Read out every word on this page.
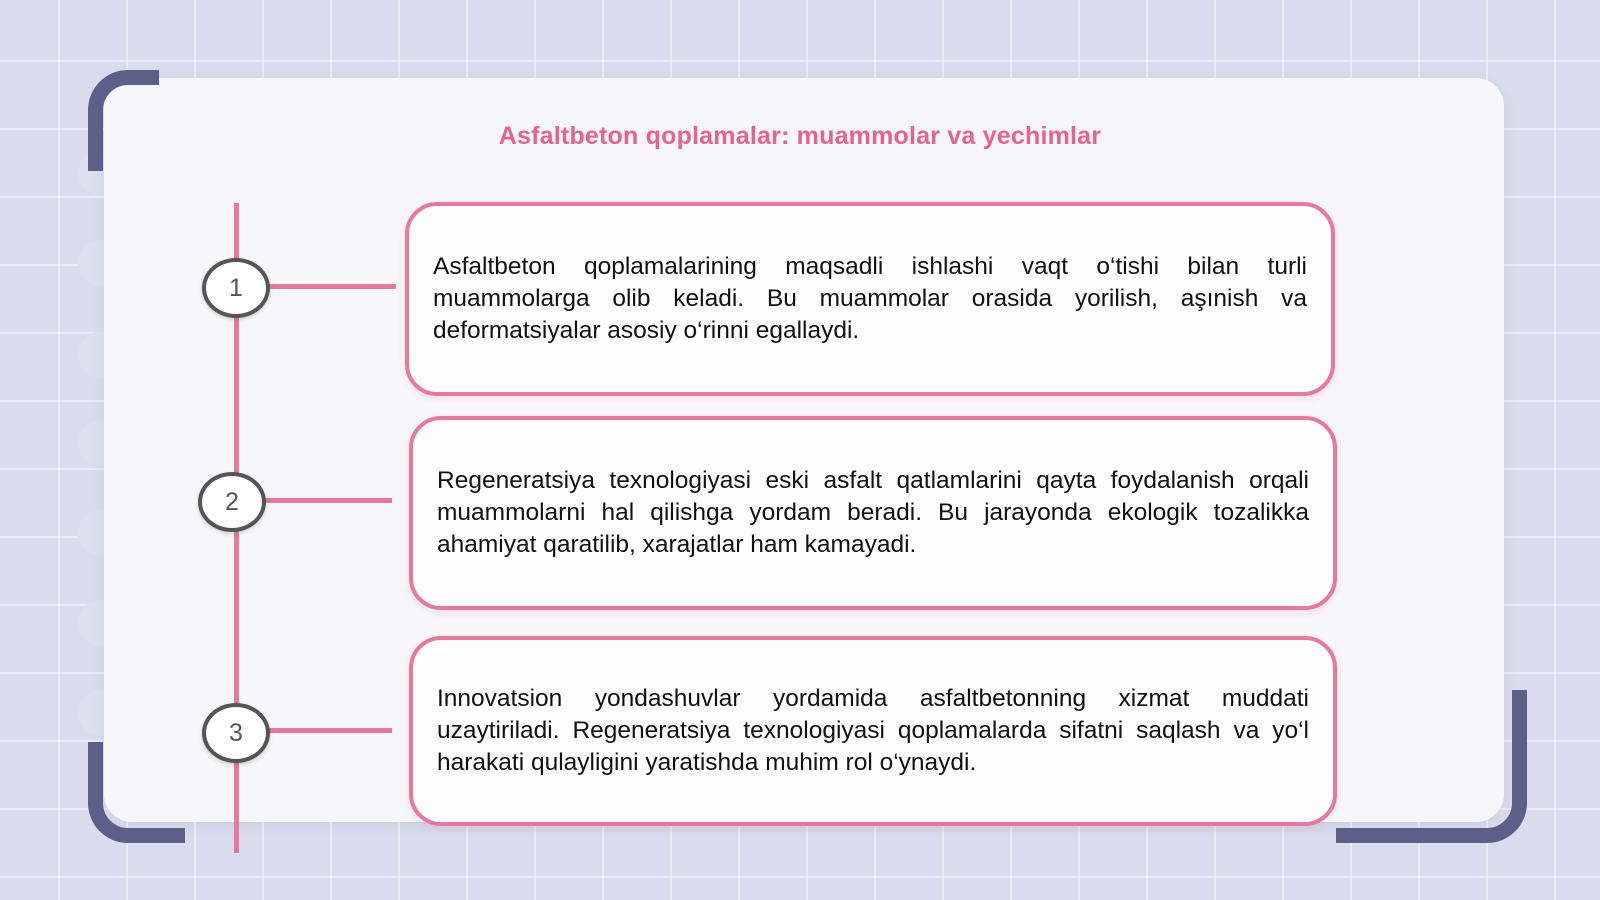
Asfaltbeton qoplamalar: muammolar va yechimlar
1

Asfaltbeton qoplamalarining maqsadli ishlashi vaqt o‘tishi bilan turli muammolarga olib keladi. Bu muammolar orasida yorilish, aşınish va deformatsiyalar asosiy o‘rinni egallaydi.

2

Regeneratsiya texnologiyasi eski asfalt qatlamlarini qayta foydalanish orqali muammolarni hal qilishga yordam beradi. Bu jarayonda ekologik tozalikka ahamiyat qaratilib, xarajatlar ham kamayadi.

3

Innovatsion yondashuvlar yordamida asfaltbetonning xizmat muddati uzaytiriladi. Regeneratsiya texnologiyasi qoplamalarda sifatni saqlash va yo‘l harakati qulayligini yaratishda muhim rol o‘ynaydi.
